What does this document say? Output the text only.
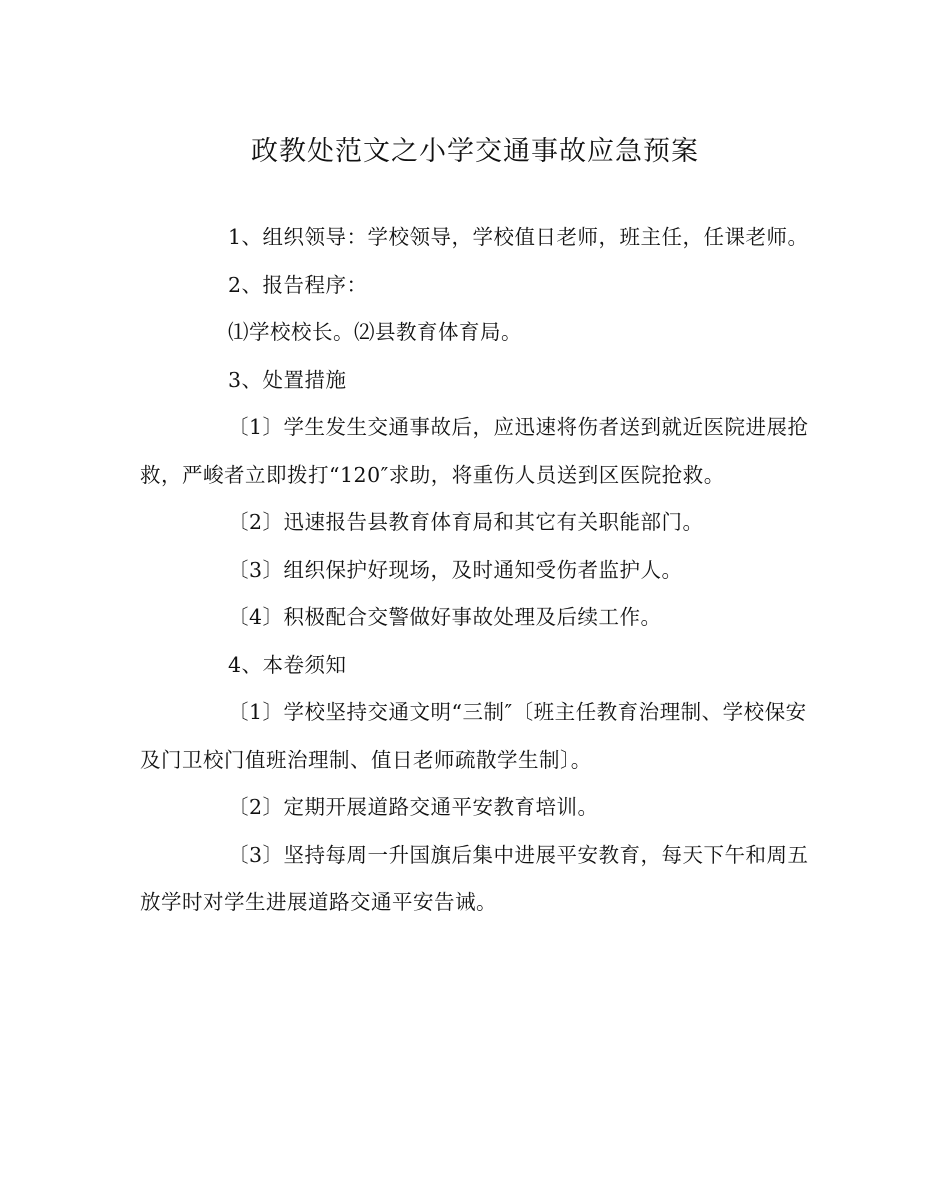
政教处范文之小学交通事故应急预案

1、组织领导：学校领导，学校值日老师，班主任，任课老师。

2、报告程序：

⑴学校校长。⑵县教育体育局。

3、处置措施

〔1〕学生发生交通事故后，应迅速将伤者送到就近医院进展抢救，严峻者立即拨打“120″求助，将重伤人员送到区医院抢救。

〔2〕迅速报告县教育体育局和其它有关职能部门。

〔3〕组织保护好现场，及时通知受伤者监护人。

〔4〕积极配合交警做好事故处理及后续工作。

4、本卷须知

〔1〕学校坚持交通文明“三制″〔班主任教育治理制、学校保安及门卫校门值班治理制、值日老师疏散学生制〕。

〔2〕定期开展道路交通平安教育培训。

〔3〕坚持每周一升国旗后集中进展平安教育，每天下午和周五放学时对学生进展道路交通平安告诫。
